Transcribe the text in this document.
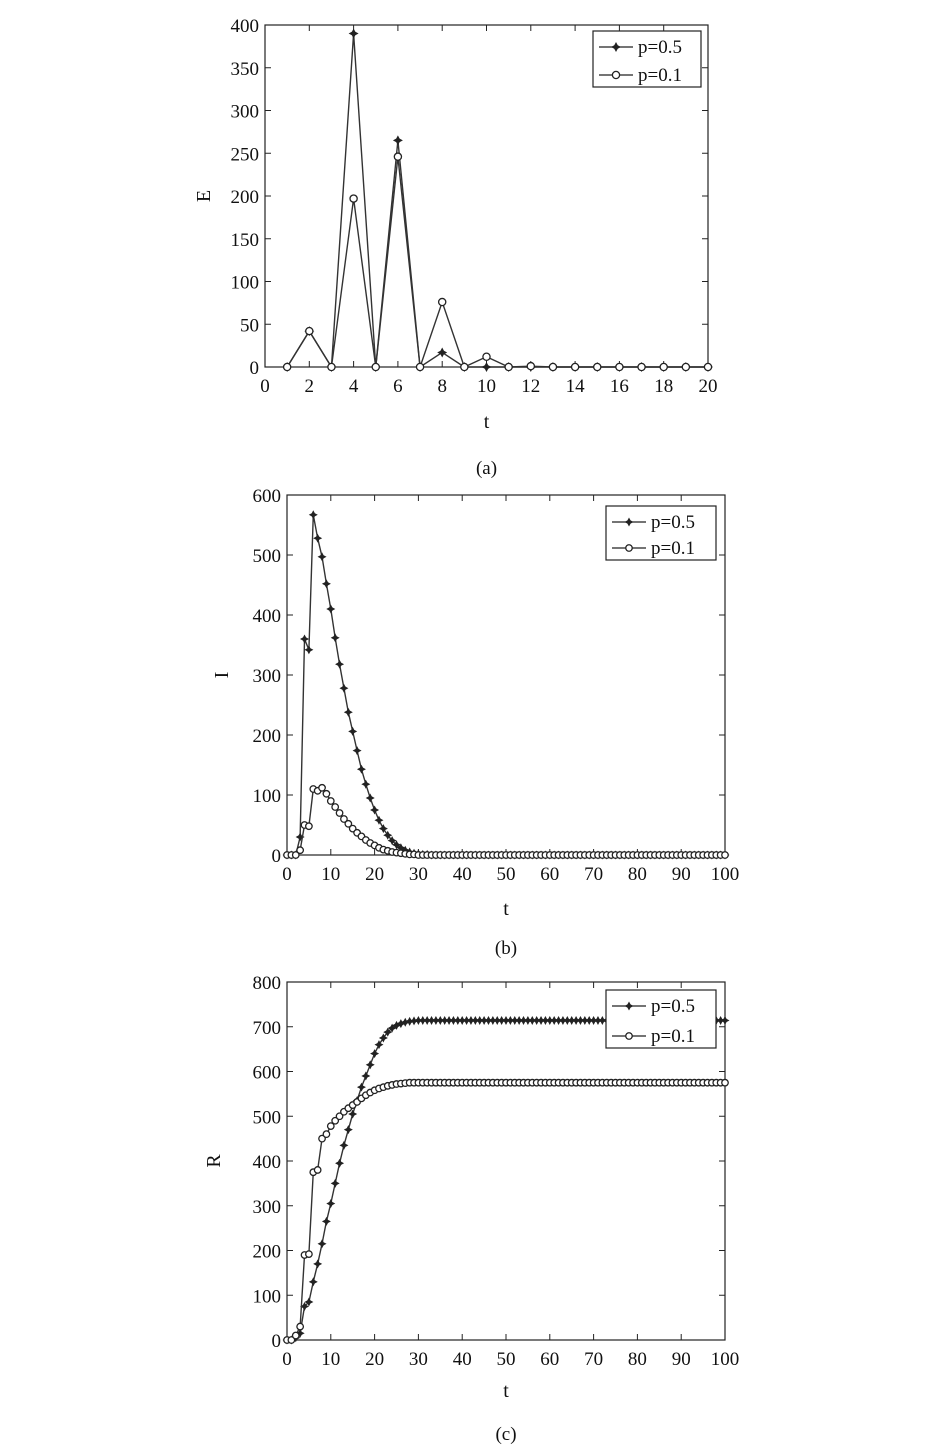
0 2 4 6 8 10 12 14 16 18 20
0
50
100
150
200
250
300
350
400
t
E
(a)
p=0.5
p=0.1
0 10 20 30 40 50 60 70 80 90 100
0
100
200
300
400
500
600
t
I
(b)
p=0.5
p=0.1
0 10 20 30 40 50 60 70 80 90 100
0
100
200
300
400
500
600
700
800
t
R
(c)
p=0.5
p=0.1
